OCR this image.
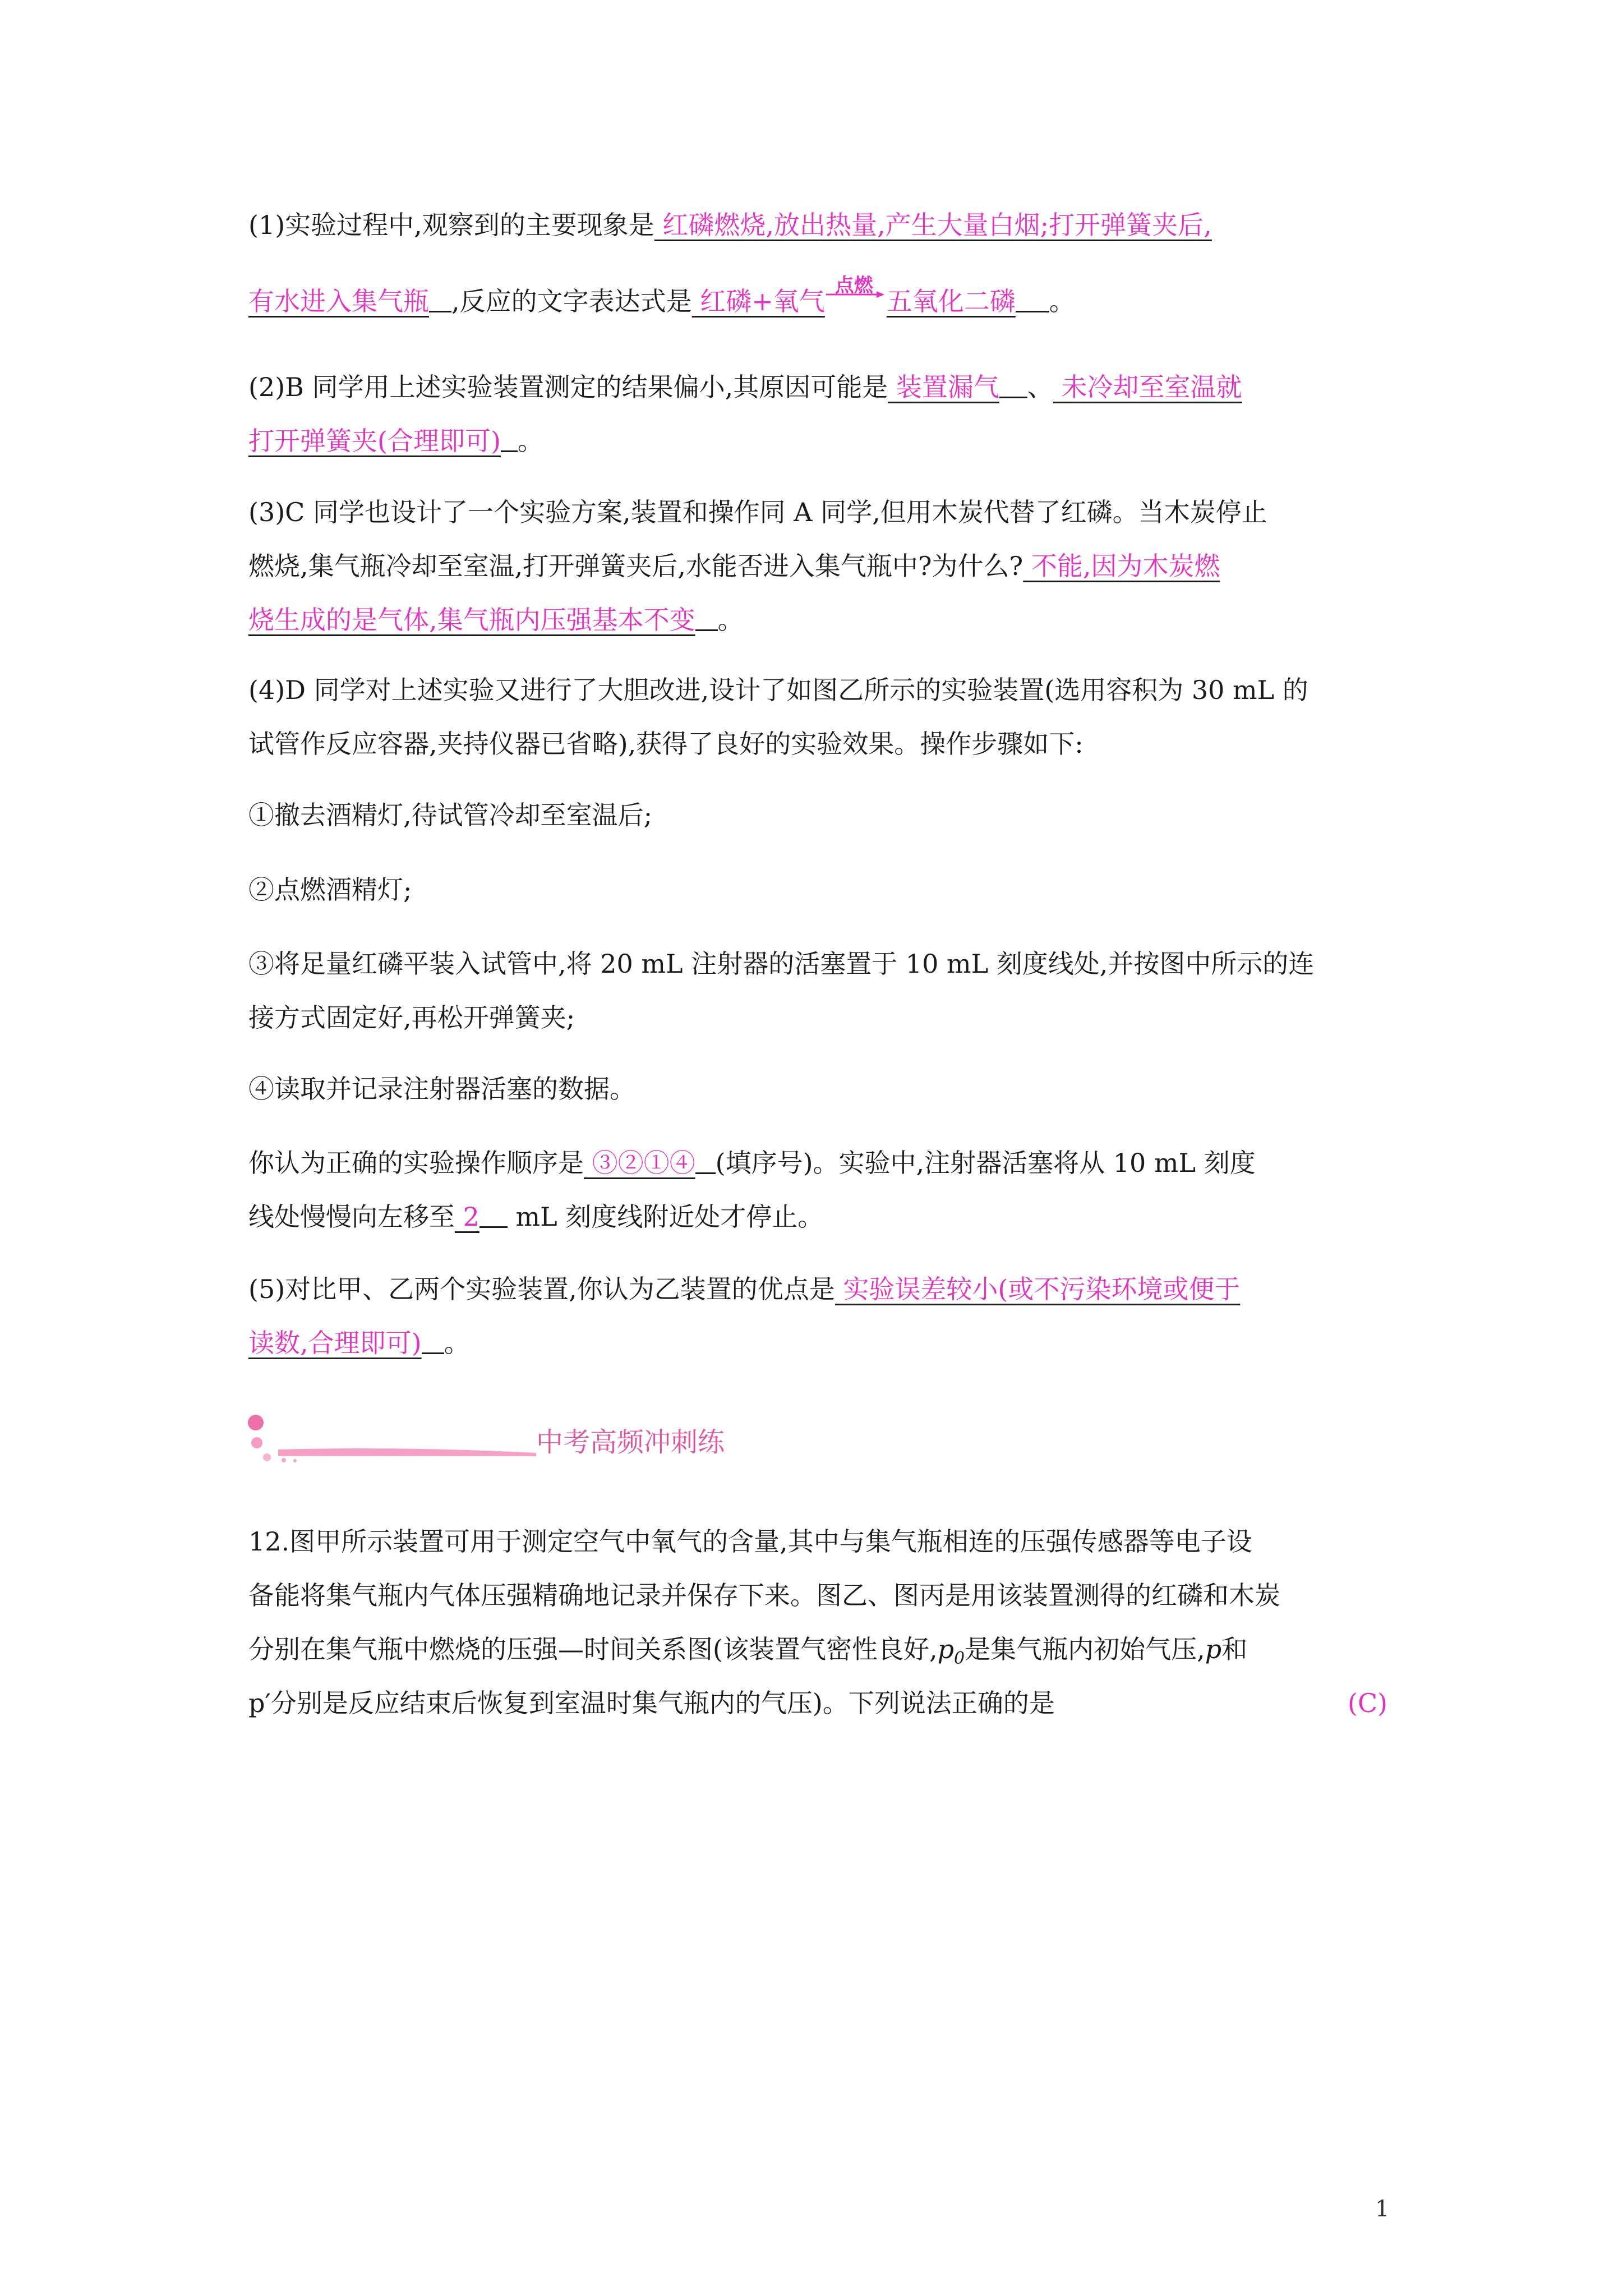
(1)实验过程中,观察到的主要现象是 红磷燃烧,放出热量,产生大量白烟;打开弹簧夹后,
有水进入集气瓶 ,反应的文字表达式是 红磷+氧气
点燃
五氧化二磷 。
(2)B 同学用上述实验装置测定的结果偏小,其原因可能是 装置漏气 、 未冷却至室温就
打开弹簧夹(合理即可) 。
(3)C 同学也设计了一个实验方案,装置和操作同 A 同学,但用木炭代替了红磷。当木炭停止
燃烧,集气瓶冷却至室温,打开弹簧夹后,水能否进入集气瓶中?为什么? 不能,因为木炭燃
烧生成的是气体,集气瓶内压强基本不变 。
(4)D 同学对上述实验又进行了大胆改进,设计了如图乙所示的实验装置(选用容积为 30 mL 的
试管作反应容器,夹持仪器已省略),获得了良好的实验效果。操作步骤如下:
①撤去酒精灯,待试管冷却至室温后;
②点燃酒精灯;
③将足量红磷平装入试管中,将 20 mL 注射器的活塞置于 10 mL 刻度线处,并按图中所示的连
接方式固定好,再松开弹簧夹;
④读取并记录注射器活塞的数据。
你认为正确的实验操作顺序是 ③②①④ (填序号)。实验中,注射器活塞将从 10 mL 刻度
线处慢慢向左移至 2 mL 刻度线附近处才停止。
(5)对比甲、乙两个实验装置,你认为乙装置的优点是 实验误差较小(或不污染环境或便于
读数,合理即可) 。
中考高频冲刺练
12.图甲所示装置可用于测定空气中氧气的含量,其中与集气瓶相连的压强传感器等电子设
备能将集气瓶内气体压强精确地记录并保存下来。图乙、图丙是用该装置测得的红磷和木炭
分别在集气瓶中燃烧的压强—时间关系图(该装置气密性良好$,p_0$是集气瓶内初始气压,p和
p′分别是反应结束后恢复到室温时集气瓶内的气压)。下列说法正确的是	(C)
1
